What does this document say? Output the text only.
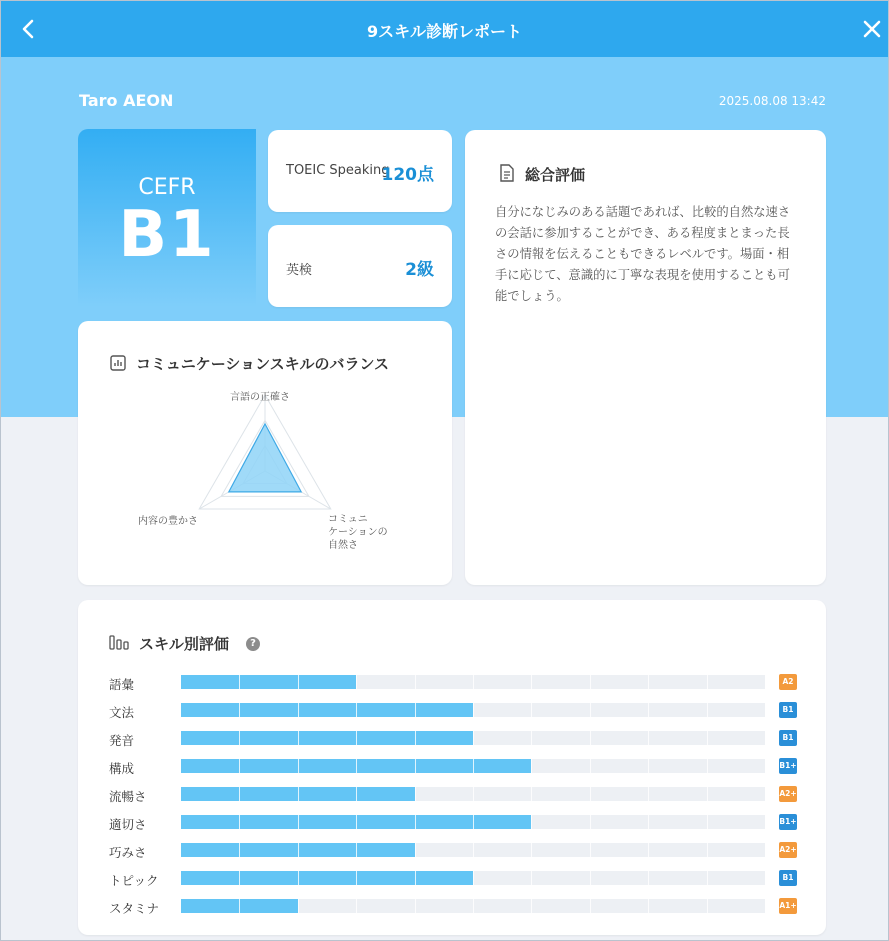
9スキル診断レポート
Taro AEON	2025.08.08 13:42
CEFR
B1
TOEIC Speaking
120点
英検	2級
総合評価
自分になじみのある話題であれば、比較的自然な速さの会話に参加することができ、ある程度まとまった長さの情報を伝えることもできるレベルです。場面・相手に応じて、意識的に丁寧な表現を使用することも可能でしょう。
コミュニケーションスキルのバランス
言語の正確さ
コミュニ
ケーションの
自然さ
内容の豊かさ
スキル別評価	?
語彙	A2
文法	B1
発音	B1
構成	B1+
流暢さ	A2+
適切さ	B1+
巧みさ	A2+
トピック	B1
スタミナ	A1+
